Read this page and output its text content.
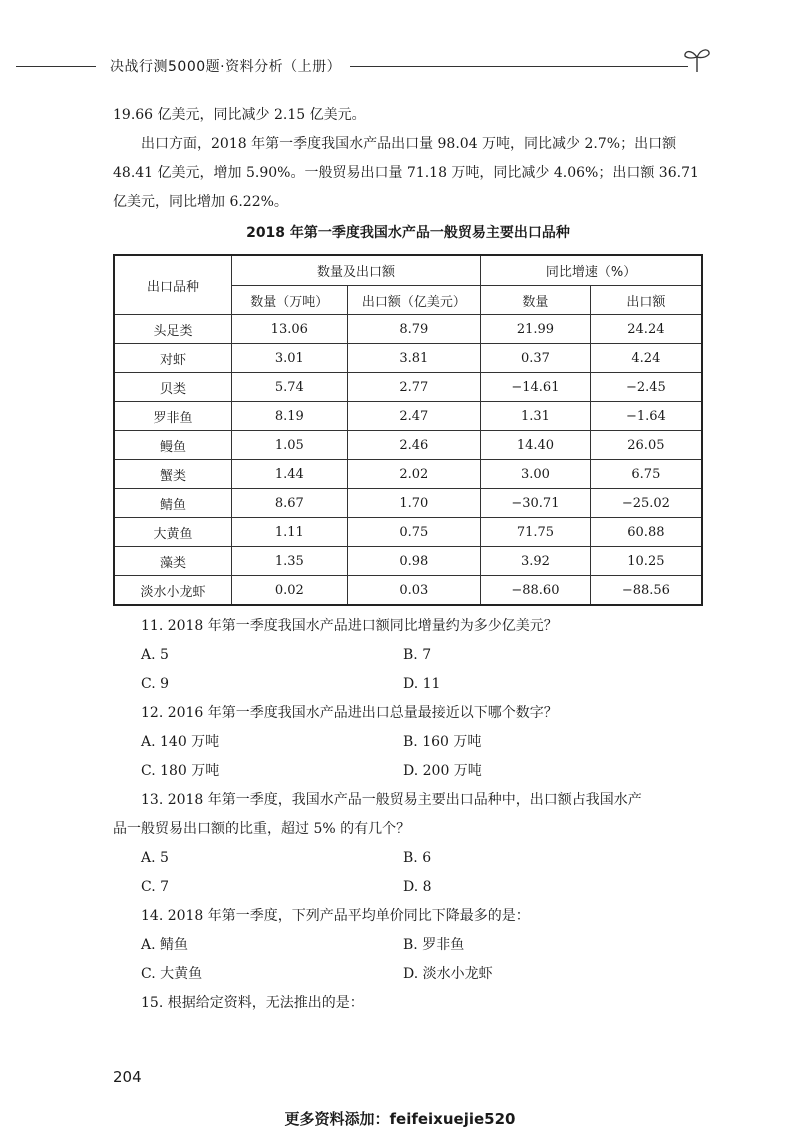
决战行测5000题·资料分析（上册）

19.66 亿美元，同比减少 2.15 亿美元。

出口方面，2018 年第一季度我国水产品出口量 98.04 万吨，同比减少 2.7%；出口额 48.41 亿美元，增加 5.90%。一般贸易出口量 71.18 万吨，同比减少 4.06%；出口额 36.71 亿美元，同比增加 6.22%。

2018 年第一季度我国水产品一般贸易主要出口品种
出口品种	数量及出口额		同比增速（%）	
	数量（万吨）	出口额（亿美元）	数量	出口额
头足类	13.06	8.79	21.99	24.24
对虾	3.01	3.81	0.37	4.24
贝类	5.74	2.77	−14.61	−2.45
罗非鱼	8.19	2.47	1.31	−1.64
鳗鱼	1.05	2.46	14.40	26.05
蟹类	1.44	2.02	3.00	6.75
鲭鱼	8.67	1.70	−30.71	−25.02
大黄鱼	1.11	0.75	71.75	60.88
藻类	1.35	0.98	3.92	10.25
淡水小龙虾	0.02	0.03	−88.60	−88.56
11. 2018 年第一季度我国水产品进口额同比增量约为多少亿美元？
A. 5	B. 7
C. 9	D. 11
12. 2016 年第一季度我国水产品进出口总量最接近以下哪个数字？
A. 140 万吨	B. 160 万吨
C. 180 万吨	D. 200 万吨
13. 2018 年第一季度，我国水产品一般贸易主要出口品种中，出口额占我国水产
品一般贸易出口额的比重，超过 5% 的有几个？
A. 5	B. 6
C. 7	D. 8
14. 2018 年第一季度，下列产品平均单价同比下降最多的是：
A. 鲭鱼	B. 罗非鱼
C. 大黄鱼	D. 淡水小龙虾
15. 根据给定资料，无法推出的是：
204
更多资料添加：feifeixuejie520
